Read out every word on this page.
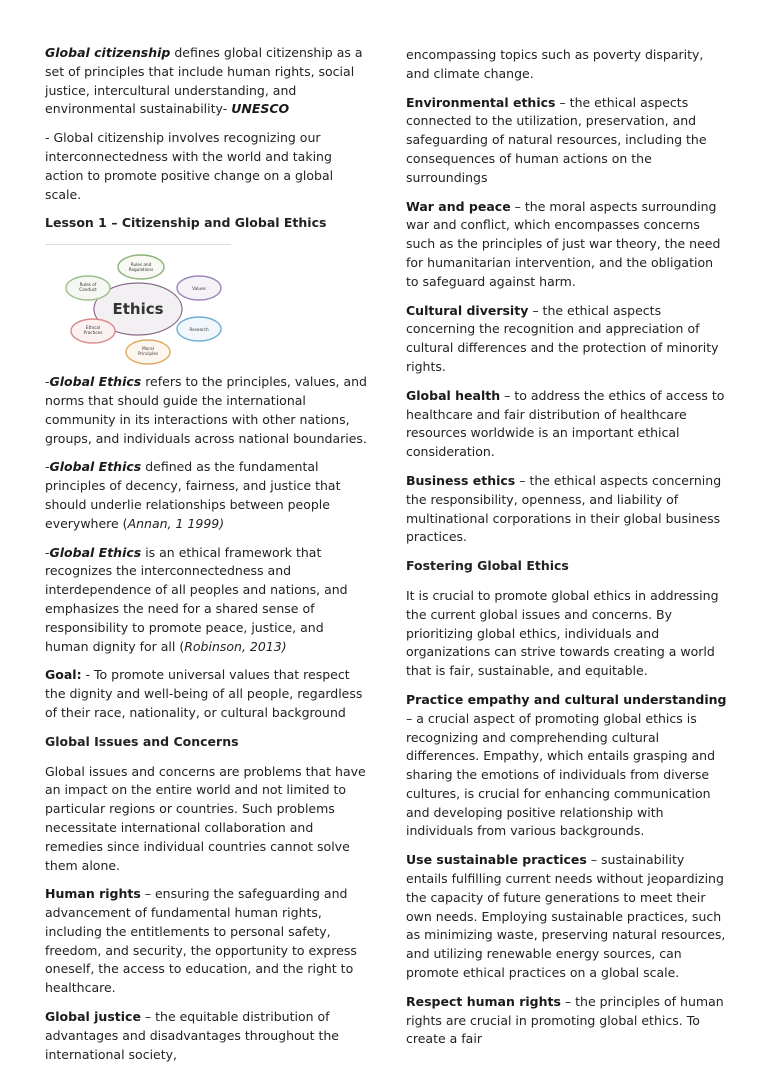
Global citizenship defines global citizenship as a set of principles that include human rights, social justice, intercultural understanding, and environmental sustainability- UNESCO

- Global citizenship involves recognizing our interconnectedness with the world and taking action to promote positive change on a global scale.

Lesson 1 – Citizenship and Global Ethics

Ethics
Rules and
Regulations
Values
Research
Moral
Principles
Ethical
Practices
Rules of
Conduct

-Global Ethics refers to the principles, values, and norms that should guide the international community in its interactions with other nations, groups, and individuals across national boundaries.

-Global Ethics defined as the fundamental principles of decency, fairness, and justice that should underlie relationships between people everywhere (Annan, 1 1999)

-Global Ethics is an ethical framework that recognizes the interconnectedness and interdependence of all peoples and nations, and emphasizes the need for a shared sense of responsibility to promote peace, justice, and human dignity for all (Robinson, 2013)

Goal: - To promote universal values that respect the dignity and well-being of all people, regardless of their race, nationality, or cultural background

Global Issues and Concerns

Global issues and concerns are problems that have an impact on the entire world and not limited to particular regions or countries. Such problems necessitate international collaboration and remedies since individual countries cannot solve them alone.

Human rights – ensuring the safeguarding and advancement of fundamental human rights, including the entitlements to personal safety, freedom, and security, the opportunity to express oneself, the access to education, and the right to healthcare.

Global justice – the equitable distribution of advantages and disadvantages throughout the international society,

encompassing topics such as poverty disparity, and climate change.

Environmental ethics – the ethical aspects connected to the utilization, preservation, and safeguarding of natural resources, including the consequences of human actions on the surroundings

War and peace – the moral aspects surrounding war and conflict, which encompasses concerns such as the principles of just war theory, the need for humanitarian intervention, and the obligation to safeguard against harm.

Cultural diversity – the ethical aspects concerning the recognition and appreciation of cultural differences and the protection of minority rights.

Global health – to address the ethics of access to healthcare and fair distribution of healthcare resources worldwide is an important ethical consideration.

Business ethics – the ethical aspects concerning the responsibility, openness, and liability of multinational corporations in their global business practices.

Fostering Global Ethics

It is crucial to promote global ethics in addressing the current global issues and concerns. By prioritizing global ethics, individuals and organizations can strive towards creating a world that is fair, sustainable, and equitable.

Practice empathy and cultural understanding – a crucial aspect of promoting global ethics is recognizing and comprehending cultural differences. Empathy, which entails grasping and sharing the emotions of individuals from diverse cultures, is crucial for enhancing communication and developing positive relationship with individuals from various backgrounds.

Use sustainable practices – sustainability entails fulfilling current needs without jeopardizing the capacity of future generations to meet their own needs. Employing sustainable practices, such as minimizing waste, preserving natural resources, and utilizing renewable energy sources, can promote ethical practices on a global scale.

Respect human rights – the principles of human rights are crucial in promoting global ethics. To create a fair
